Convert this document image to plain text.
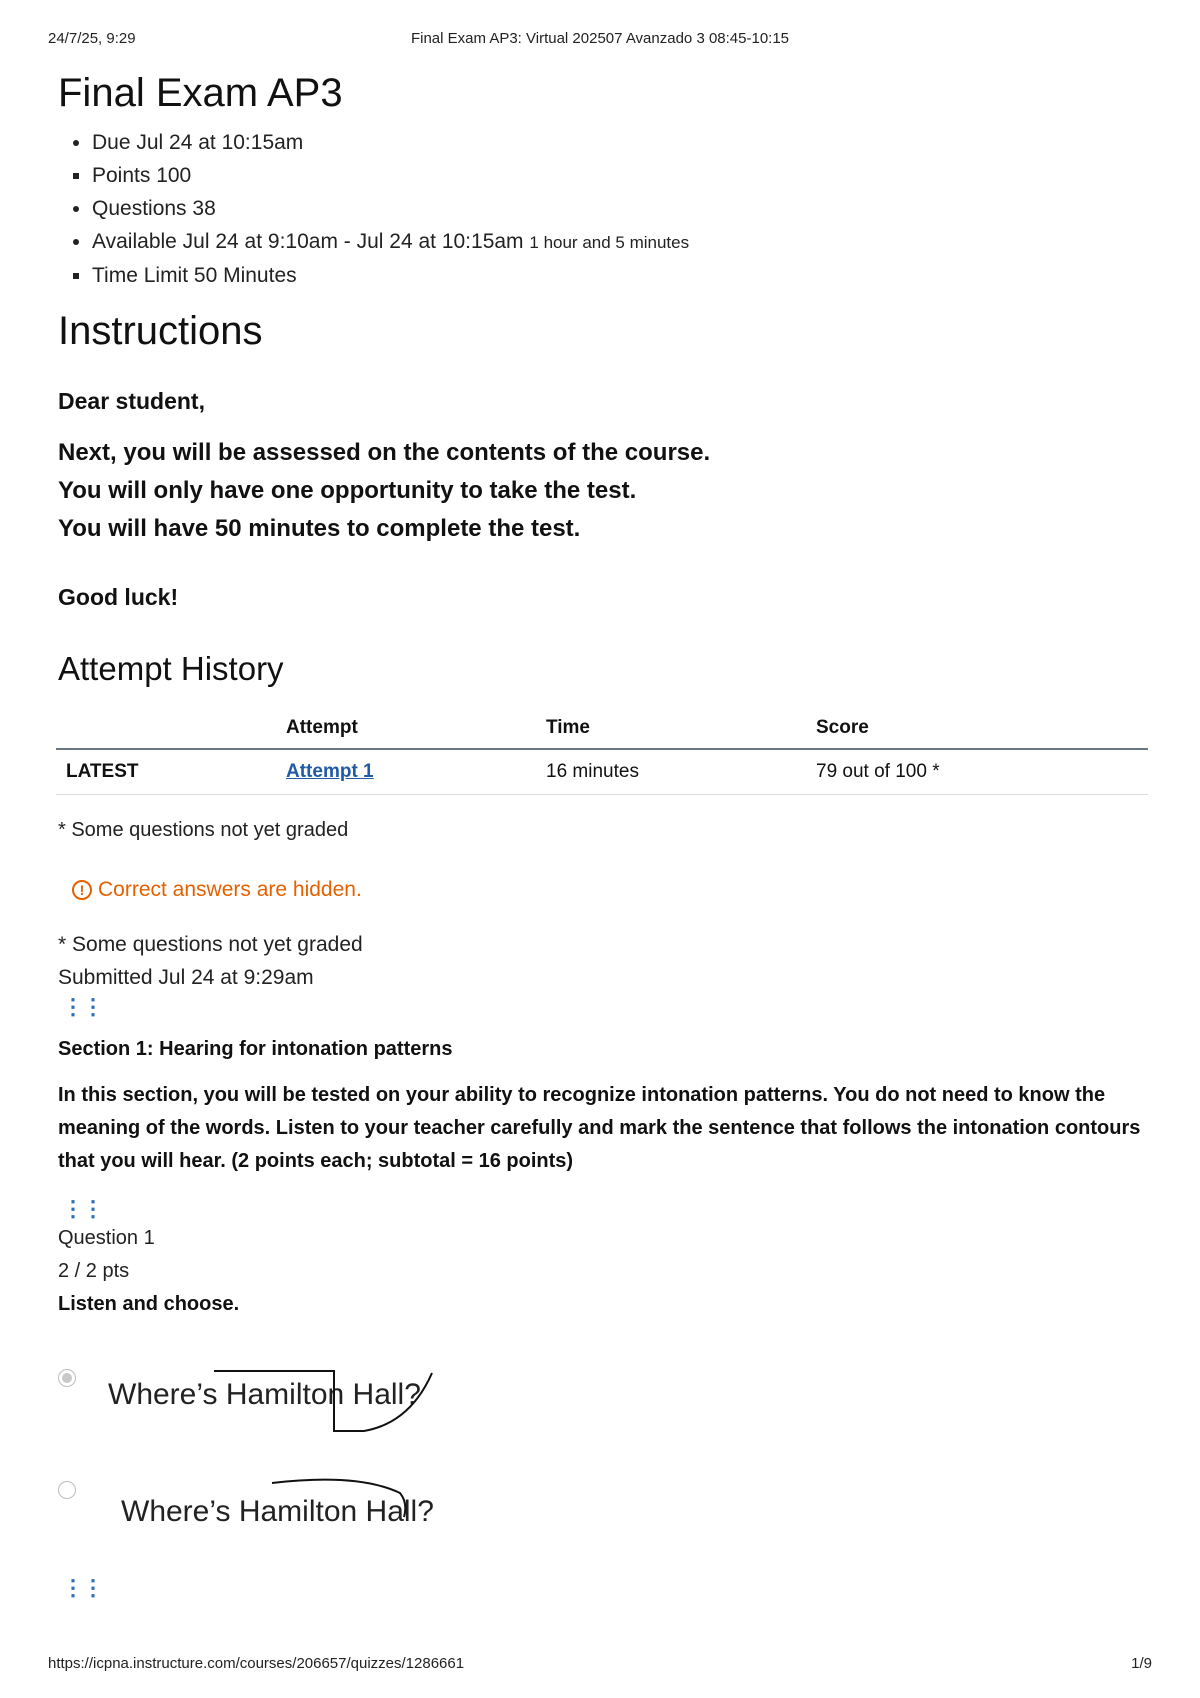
24/7/25, 9:29	Final Exam AP3: Virtual 202507 Avanzado 3 08:45-10:15
Final Exam AP3
• Due Jul 24 at 10:15am
▪ Points 100
• Questions 38
• Available Jul 24 at 9:10am - Jul 24 at 10:15am 1 hour and 5 minutes
▪ Time Limit 50 Minutes
Instructions

Dear student,

Next, you will be assessed on the contents of the course.
You will only have one opportunity to take the test.
You will have 50 minutes to complete the test.

Good luck!

Attempt History
	Attempt	Time	Score
LATEST	Attempt 1	16 minutes	79 out of 100 *
* Some questions not yet graded
! Correct answers are hidden.
* Some questions not yet graded
Submitted Jul 24 at 9:29am
⋮⋮
Section 1: Hearing for intonation patterns
In this section, you will be tested on your ability to recognize intonation patterns. You do not need to know the meaning of the words. Listen to your teacher carefully and mark the sentence that follows the intonation contours that you will hear. (2 points each; subtotal = 16 points)
⋮⋮
Question 1
2 / 2 pts
Listen and choose.
Where’s Hamilton Hall?
Where’s Hamilton Hall?
⋮⋮
https://icpna.instructure.com/courses/206657/quizzes/1286661	1/9
